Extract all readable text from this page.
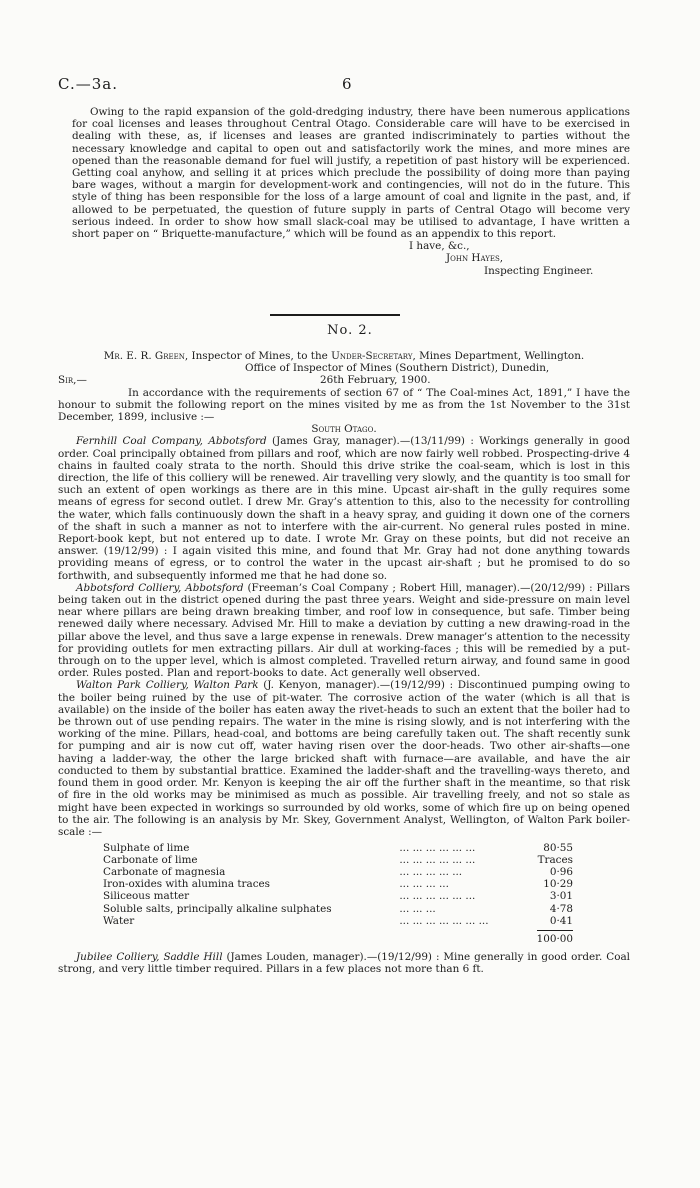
C.—3a.	6

Owing to the rapid expansion of the gold-dredging industry, there have been numerous applications for coal licenses and leases throughout Central Otago. Considerable care will have to be exercised in dealing with these, as, if licenses and leases are granted indiscriminately to parties without the necessary knowledge and capital to open out and satisfactorily work the mines, and more mines are opened than the reasonable demand for fuel will justify, a repetition of past history will be experienced. Getting coal anyhow, and selling it at prices which preclude the possibility of doing more than paying bare wages, without a margin for development-work and contingencies, will not do in the future. This style of thing has been responsible for the loss of a large amount of coal and lignite in the past, and, if allowed to be perpetuated, the question of future supply in parts of Central Otago will become very serious indeed. In order to show how small slack-coal may be utilised to advantage, I have written a short paper on “ Briquette-manufacture,” which will be found as an appendix to this report.

I have, &c.,

John Hayes,

Inspecting Engineer.

No. 2.

Mr. E. R. Green, Inspector of Mines, to the Under-Secretary, Mines Department, Wellington.

Office of Inspector of Mines (Southern District), Dunedin,

Sir,—	26th February, 1900.

In accordance with the requirements of section 67 of “ The Coal-mines Act, 1891,” I have the honour to submit the following report on the mines visited by me as from the 1st November to the 31st December, 1899, inclusive :—

South Otago.

Fernhill Coal Company, Abbotsford (James Gray, manager).—(13/11/99) : Workings generally in good order. Coal principally obtained from pillars and roof, which are now fairly well robbed. Prospecting-drive 4 chains in faulted coaly strata to the north. Should this drive strike the coal-seam, which is lost in this direction, the life of this colliery will be renewed. Air travelling very slowly, and the quantity is too small for such an extent of open workings as there are in this mine. Upcast air-shaft in the gully requires some means of egress for second outlet. I drew Mr. Gray’s attention to this, also to the necessity for controlling the water, which falls continuously down the shaft in a heavy spray, and guiding it down one of the corners of the shaft in such a manner as not to interfere with the air-current. No general rules posted in mine. Report-book kept, but not entered up to date. I wrote Mr. Gray on these points, but did not receive an answer. (19/12/99) : I again visited this mine, and found that Mr. Gray had not done anything towards providing means of egress, or to control the water in the upcast air-shaft ; but he promised to do so forthwith, and subsequently informed me that he had done so.

Abbotsford Colliery, Abbotsford (Freeman’s Coal Company ; Robert Hill, manager).—(20/12/99) : Pillars being taken out in the district opened during the past three years. Weight and side-pressure on main level near where pillars are being drawn breaking timber, and roof low in consequence, but safe. Timber being renewed daily where necessary. Advised Mr. Hill to make a deviation by cutting a new drawing-road in the pillar above the level, and thus save a large expense in renewals. Drew manager’s attention to the necessity for providing outlets for men extracting pillars. Air dull at working-faces ; this will be remedied by a put-through on to the upper level, which is almost completed. Travelled return airway, and found same in good order. Rules posted. Plan and report-books to date. Act generally well observed.

Walton Park Colliery, Walton Park (J. Kenyon, manager).—(19/12/99) : Discontinued pumping owing to the boiler being ruined by the use of pit-water. The corrosive action of the water (which is all that is available) on the inside of the boiler has eaten away the rivet-heads to such an extent that the boiler had to be thrown out of use pending repairs. The water in the mine is rising slowly, and is not interfering with the working of the mine. Pillars, head-coal, and bottoms are being carefully taken out. The shaft recently sunk for pumping and air is now cut off, water having risen over the door-heads. Two other air-shafts—one having a ladder-way, the other the large bricked shaft with furnace—are available, and have the air conducted to them by substantial brattice. Examined the ladder-shaft and the travelling-ways thereto, and found them in good order. Mr. Kenyon is keeping the air off the further shaft in the meantime, so that risk of fire in the old works may be minimised as much as possible. Air travelling freely, and not so stale as might have been expected in workings so surrounded by old works, some of which fire up on being opened to the air. The following is an analysis by Mr. Skey, Government Analyst, Wellington, of Walton Park boiler-scale :—

Sulphate of lime	... ... ... ... ... ...	80·55
Carbonate of lime	... ... ... ... ... ...	Traces
Carbonate of magnesia	... ... ... ... ...	0·96
Iron-oxides with alumina traces	... ... ... ...	10·29
Siliceous matter	... ... ... ... ... ...	3·01
Soluble salts, principally alkaline sulphates	... ... ...	4·78
Water	... ... ... ... ... ... ...	0·41
100·00

Jubilee Colliery, Saddle Hill (James Louden, manager).—(19/12/99) : Mine generally in good order. Coal strong, and very little timber required. Pillars in a few places not more than 6 ft.
